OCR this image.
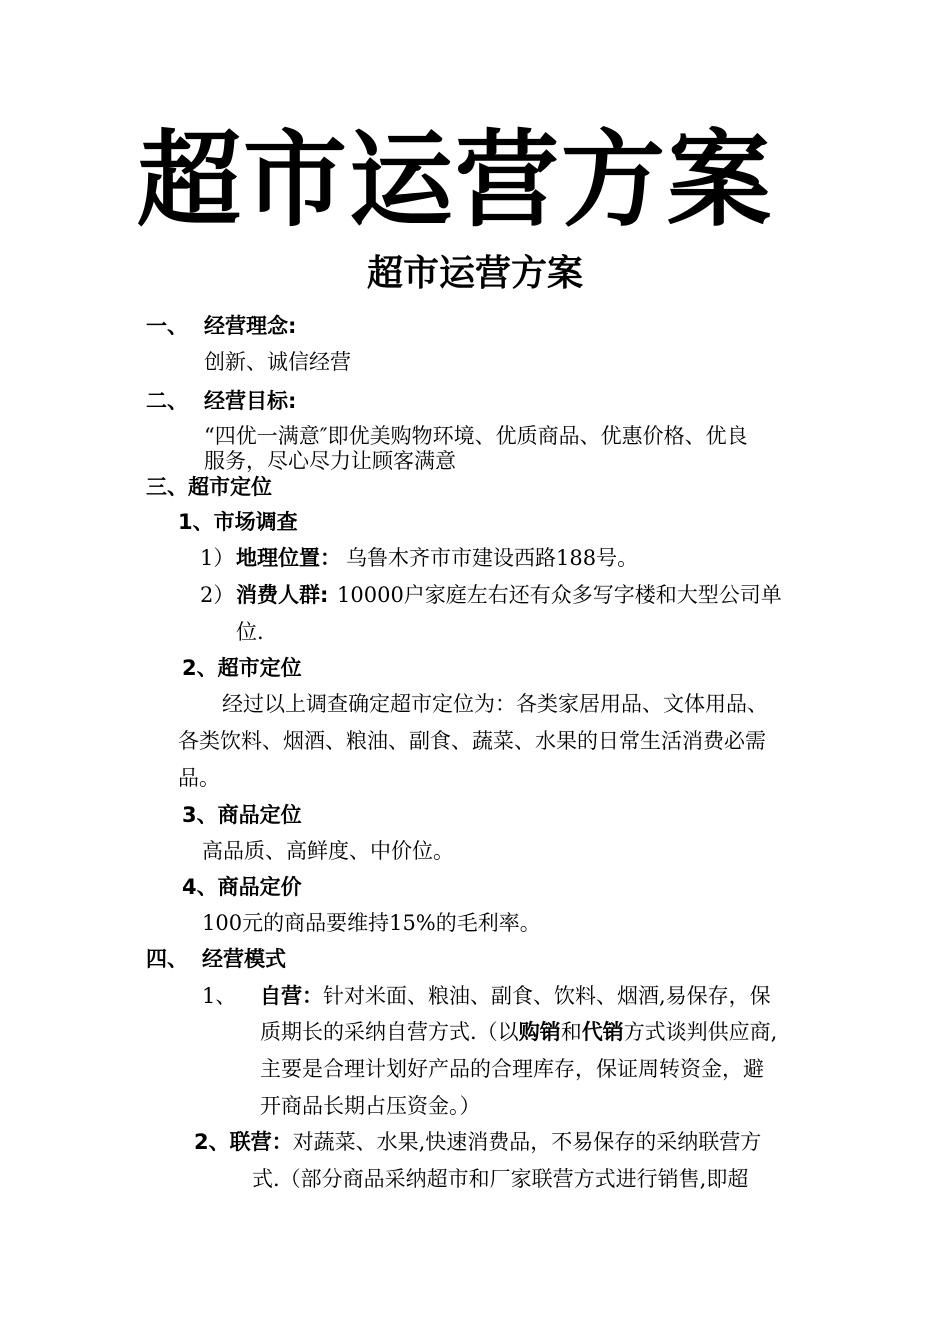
超市运营方案
超市运营方案
一、 经营理念:
创新、诚信经营
二、 经营目标:
“四优一满意″即优美购物环境、优质商品、优惠价格、优良
服务，尽心尽力让顾客满意
三、超市定位
1、市场调查
1） 地理位置： 乌鲁木齐市市建设西路188号。
2） 消费人群: 10000户家庭左右还有众多写字楼和大型公司单
位.
2、超市定位
经过以上调查确定超市定位为：各类家居用品、文体用品、
各类饮料、烟酒、粮油、副食、蔬菜、水果的日常生活消费必需
品。
3、商品定位
高品质、高鲜度、中价位。
4、商品定价
100元的商品要维持15%的毛利率。
四、 经营模式
1、 自营：针对米面、粮油、副食、饮料、烟酒,易保存，保
质期长的采纳自营方式.（以购销和代销方式谈判供应商,
主要是合理计划好产品的合理库存，保证周转资金，避
开商品长期占压资金。）
2、联营：对蔬菜、水果,快速消费品，不易保存的采纳联营方
式.（部分商品采纳超市和厂家联营方式进行销售,即超
